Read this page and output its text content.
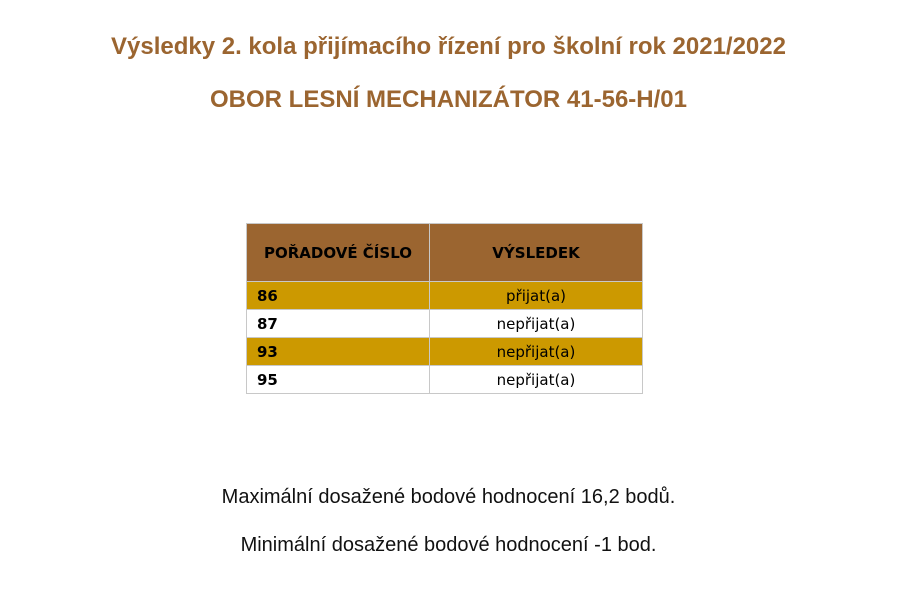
Výsledky 2. kola přijímacího řízení pro školní rok 2021/2022
OBOR LESNÍ MECHANIZÁTOR 41-56-H/01
POŘADOVÉ ČÍSLO	VÝSLEDEK
86	přijat(a)
87	nepřijat(a)
93	nepřijat(a)
95	nepřijat(a)
Maximální dosažené bodové hodnocení 16,2 bodů.
Minimální dosažené bodové hodnocení -1 bod.
